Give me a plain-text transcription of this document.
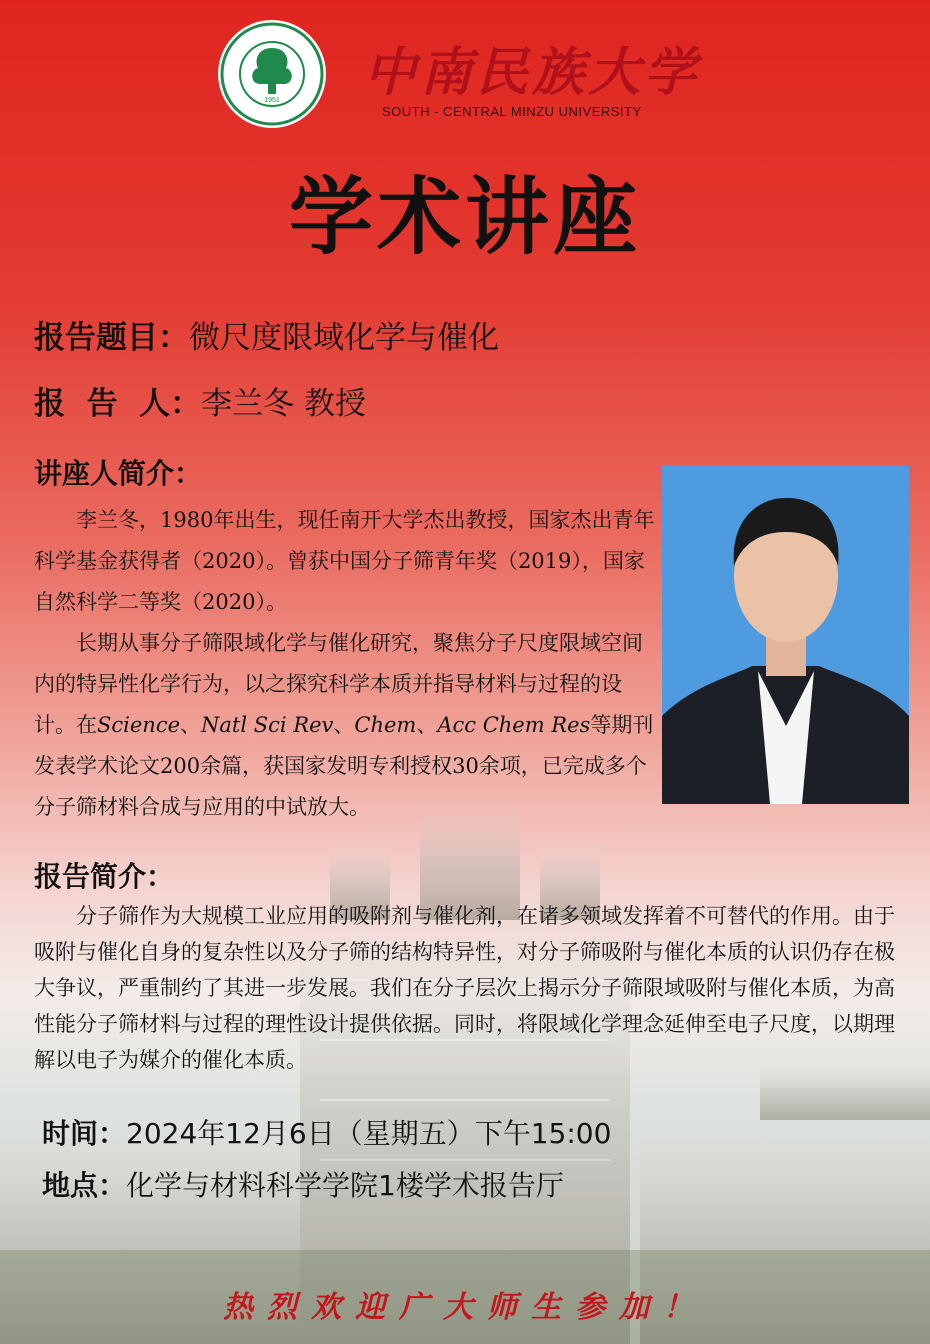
1951 中南民族大学
SOUTH - CENTRAL MINZU UNIVERSITY
学术讲座
报告题目：微尺度限域化学与催化
报  告  人：李兰冬 教授
讲座人简介：

李兰冬，1980年出生，现任南开大学杰出教授，国家杰出青年科学基金获得者（2020）。曾获中国分子筛青年奖（2019），国家自然科学二等奖（2020）。

长期从事分子筛限域化学与催化研究，聚焦分子尺度限域空间内的特异性化学行为，以之探究科学本质并指导材料与过程的设计。在Science、Natl Sci Rev、Chem、Acc Chem Res等期刊发表学术论文200余篇，获国家发明专利授权30余项，已完成多个分子筛材料合成与应用的中试放大。

报告简介：

分子筛作为大规模工业应用的吸附剂与催化剂，在诸多领域发挥着不可替代的作用。由于吸附与催化自身的复杂性以及分子筛的结构特异性，对分子筛吸附与催化本质的认识仍存在极大争议，严重制约了其进一步发展。我们在分子层次上揭示分子筛限域吸附与催化本质，为高性能分子筛材料与过程的理性设计提供依据。同时，将限域化学理念延伸至电子尺度，以期理解以电子为媒介的催化本质。

时间：2024年12月6日（星期五）下午15:00
地点：化学与材料科学学院1楼学术报告厅
热烈欢迎广大师生参加！
